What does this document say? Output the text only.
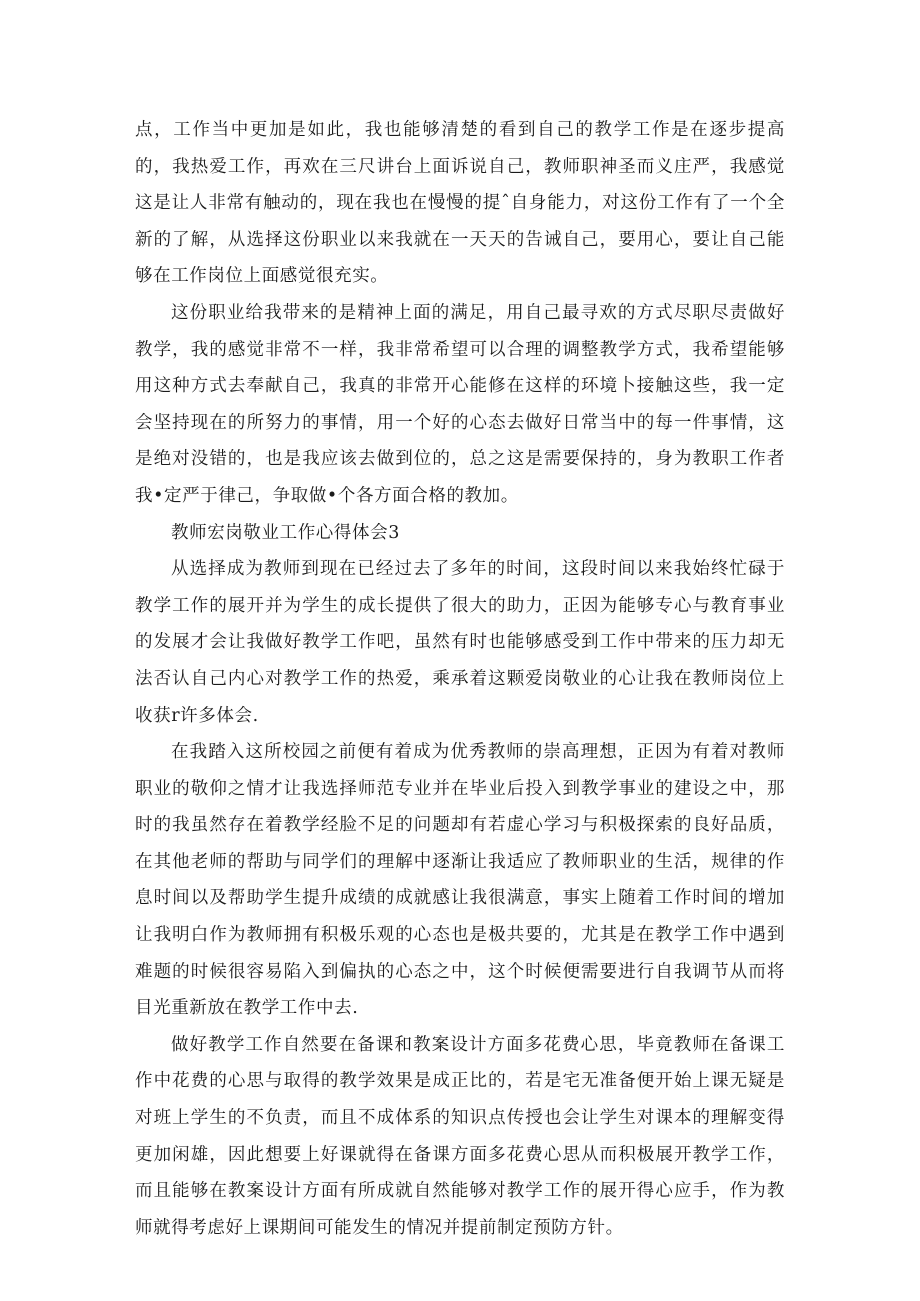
点，工作当中更加是如此，我也能够清楚的看到自己的教学工作是在逐步提高的，我热爱工作，再欢在三尺讲台上面诉说自己，教师职神圣而义庄严，我感觉这是让人非常有触动的，现在我也在慢慢的提ˆ自身能力，对这份工作有了一个全新的了解，从选择这份职业以来我就在一天天的告诫自己，要用心，要让自己能够在工作岗位上面感觉很充实。

这份职业给我带来的是精神上面的满足，用自己最寻欢的方式尽职尽责做好教学，我的感觉非常不一样，我非常希望可以合理的调整教学方式，我希望能够用这种方式去奉献自己，我真的非常开心能修在这样的环境卜接触这些，我一定会坚持现在的所努力的事情，用一个好的心态去做好日常当中的每一件事情，这是绝对没错的，也是我应该去做到位的，总之这是需要保持的，身为教职工作者我•定严于律己，争取做•个各方面合格的教加。

教师宏岗敬业工作心得体会3

从选择成为教师到现在已经过去了多年的时间，这段时间以来我始终忙碌于教学工作的展开并为学生的成长提供了很大的助力，正因为能够专心与教育事业的发展才会让我做好教学工作吧，虽然有时也能够感受到工作中带来的压力却无法否认自己内心对教学工作的热爱，乘承着这颗爱岗敬业的心让我在教师岗位上收获r许多体会.

在我踏入这所校园之前便有着成为优秀教师的崇高理想，正因为有着对教师职业的敬仰之情才让我选择师范专业并在毕业后投入到教学事业的建设之中，那时的我虽然存在着教学经脸不足的问题却有若虚心学习与积极探索的良好品质，在其他老师的帮助与同学们的理解中逐渐让我适应了教师职业的生活，规律的作息时间以及帮助学生提升成绩的成就感让我很满意，事实上随着工作时间的增加让我明白作为教师拥有积极乐观的心态也是极共要的，尤其是在教学工作中遇到难题的时候很容易陷入到偏执的心态之中，这个时候便需要进行自我调节从而将目光重新放在教学工作中去.

做好教学工作自然要在备课和教案设计方面多花费心思，毕竟教师在备课工作中花费的心思与取得的教学效果是成正比的，若是宅无准备便开始上课无疑是对班上学生的不负责，而且不成体系的知识点传授也会让学生对课本的理解变得更加闲雄，因此想要上好课就得在备课方面多花费心思从而积极展开教学工作，而且能够在教案设计方面有所成就自然能够对教学工作的展开得心应手，作为教师就得考虑好上课期间可能发生的情况并提前制定预防方针。
